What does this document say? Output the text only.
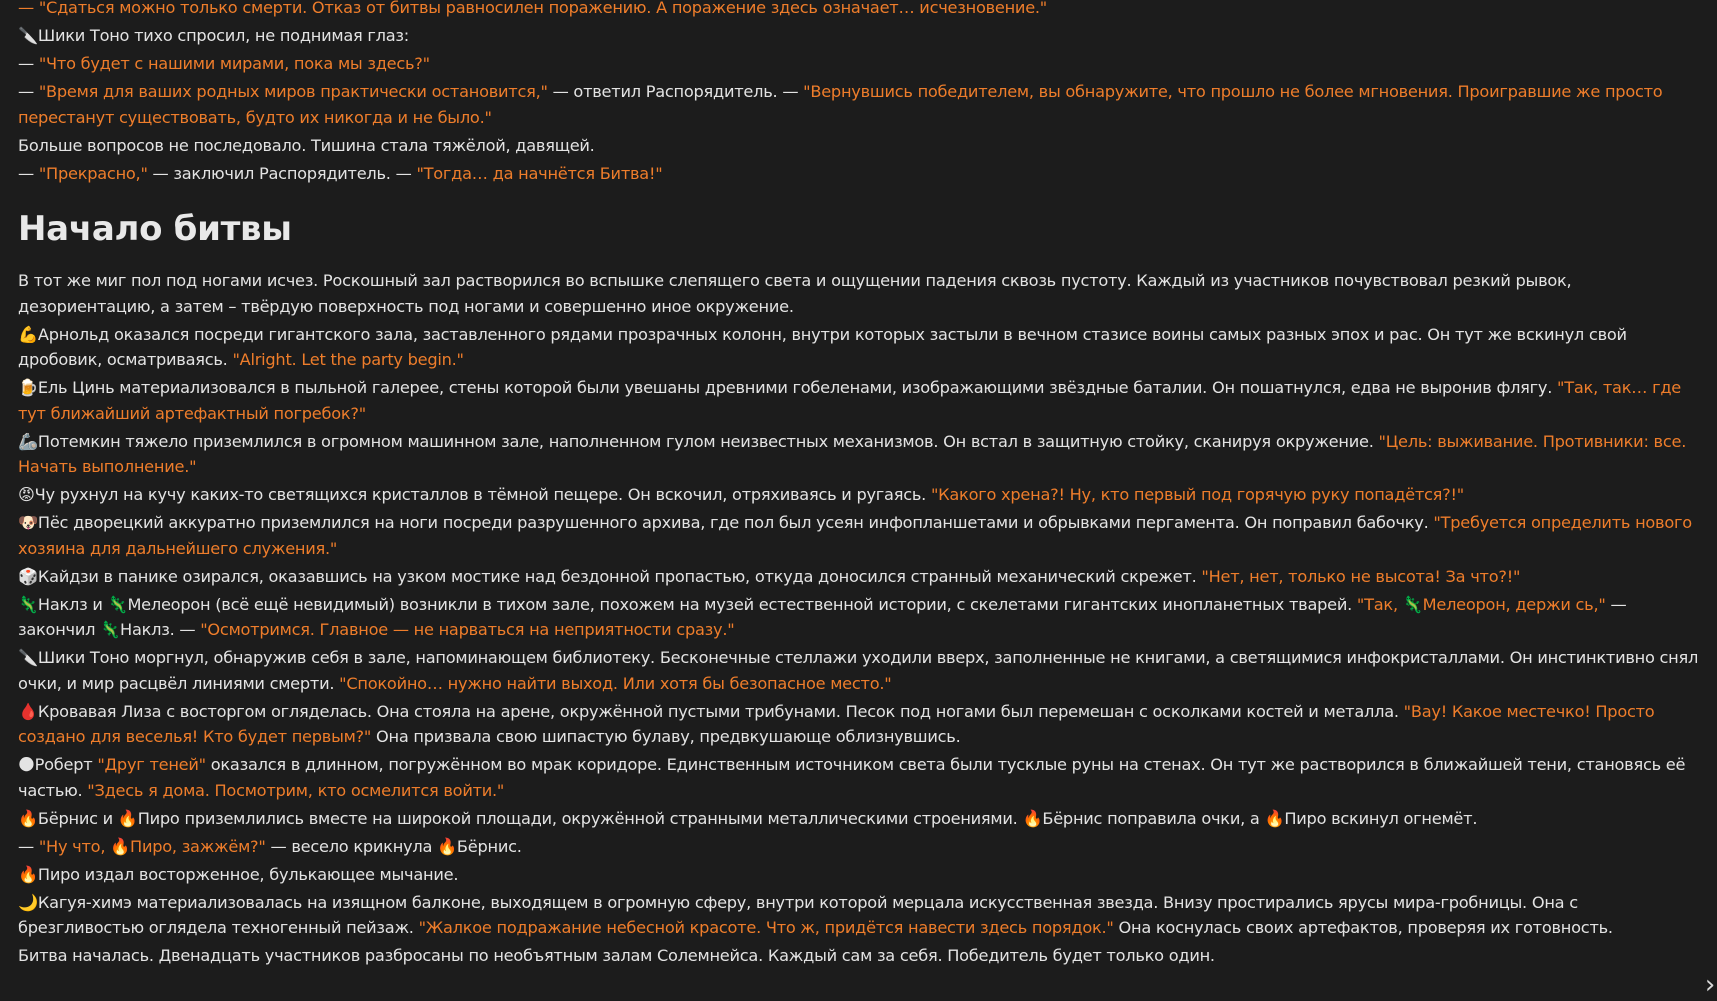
— "Сдаться можно только смерти. Отказ от битвы равносилен поражению. А поражение здесь означает… исчезновение."
🔪Шики Тоно тихо спросил, не поднимая глаз:
— "Что будет с нашими мирами, пока мы здесь?"
— "Время для ваших родных миров практически остановится," — ответил Распорядитель. — "Вернувшись победителем, вы обнаружите, что прошло не более мгновения. Проигравшие же просто перестанут существовать, будто их никогда и не было."
Больше вопросов не последовало. Тишина стала тяжёлой, давящей.
— "Прекрасно," — заключил Распорядитель. — "Тогда… да начнётся Битва!"
Начало битвы
В тот же миг пол под ногами исчез. Роскошный зал растворился во вспышке слепящего света и ощущении падения сквозь пустоту. Каждый из участников почувствовал резкий рывок, дезориентацию, а затем – твёрдую поверхность под ногами и совершенно иное окружение.
💪Арнольд оказался посреди гигантского зала, заставленного рядами прозрачных колонн, внутри которых застыли в вечном стазисе воины самых разных эпох и рас. Он тут же вскинул свой дробовик, осматриваясь. "Alright. Let the party begin."
🍺Ель Цинь материализовался в пыльной галерее, стены которой были увешаны древними гобеленами, изображающими звёздные баталии. Он пошатнулся, едва не выронив флягу. "Так, так… где тут ближайший артефактный погребок?"
🦾Потемкин тяжело приземлился в огромном машинном зале, наполненном гулом неизвестных механизмов. Он встал в защитную стойку, сканируя окружение. "Цель: выживание. Противники: все. Начать выполнение."
😡Чу рухнул на кучу каких-то светящихся кристаллов в тёмной пещере. Он вскочил, отряхиваясь и ругаясь. "Какого хрена?! Ну, кто первый под горячую руку попадётся?!"
🐶Пёс дворецкий аккуратно приземлился на ноги посреди разрушенного архива, где пол был усеян инфопланшетами и обрывками пергамента. Он поправил бабочку. "Требуется определить нового хозяина для дальнейшего служения."
🎲Кайдзи в панике озирался, оказавшись на узком мостике над бездонной пропастью, откуда доносился странный механический скрежет. "Нет, нет, только не высота! За что?!"
🦎Наклз и 🦎Мелеорон (всё ещё невидимый) возникли в тихом зале, похожем на музей естественной истории, с скелетами гигантских инопланетных тварей. "Так, 🦎Мелеорон, держи сь," — закончил 🦎Наклз. — "Осмотримся. Главное — не нарваться на неприятности сразу."
🔪Шики Тоно моргнул, обнаружив себя в зале, напоминающем библиотеку. Бесконечные стеллажи уходили вверх, заполненные не книгами, а светящимися инфокристаллами. Он инстинктивно снял очки, и мир расцвёл линиями смерти. "Спокойно… нужно найти выход. Или хотя бы безопасное место."
🩸Кровавая Лиза с восторгом огляделась. Она стояла на арене, окружённой пустыми трибунами. Песок под ногами был перемешан с осколками костей и металла. "Вау! Какое местечко! Просто создано для веселья! Кто будет первым?" Она призвала свою шипастую булаву, предвкушающе облизнувшись.
🌑Роберт "Друг теней" оказался в длинном, погружённом во мрак коридоре. Единственным источником света были тусклые руны на стенах. Он тут же растворился в ближайшей тени, становясь её частью. "Здесь я дома. Посмотрим, кто осмелится войти."
🔥Бёрнис и 🔥Пиро приземлились вместе на широкой площади, окружённой странными металлическими строениями. 🔥Бёрнис поправила очки, а 🔥Пиро вскинул огнемёт.
— "Ну что, 🔥Пиро, зажжём?" — весело крикнула 🔥Бёрнис.
🔥Пиро издал восторженное, булькающее мычание.
🌙Кагуя-химэ материализовалась на изящном балконе, выходящем в огромную сферу, внутри которой мерцала искусственная звезда. Внизу простирались ярусы мира-гробницы. Она с брезгливостью оглядела техногенный пейзаж. "Жалкое подражание небесной красоте. Что ж, придётся навести здесь порядок." Она коснулась своих артефактов, проверяя их готовность.
Битва началась. Двенадцать участников разбросаны по необъятным залам Солемнейса. Каждый сам за себя. Победитель будет только один.
›
